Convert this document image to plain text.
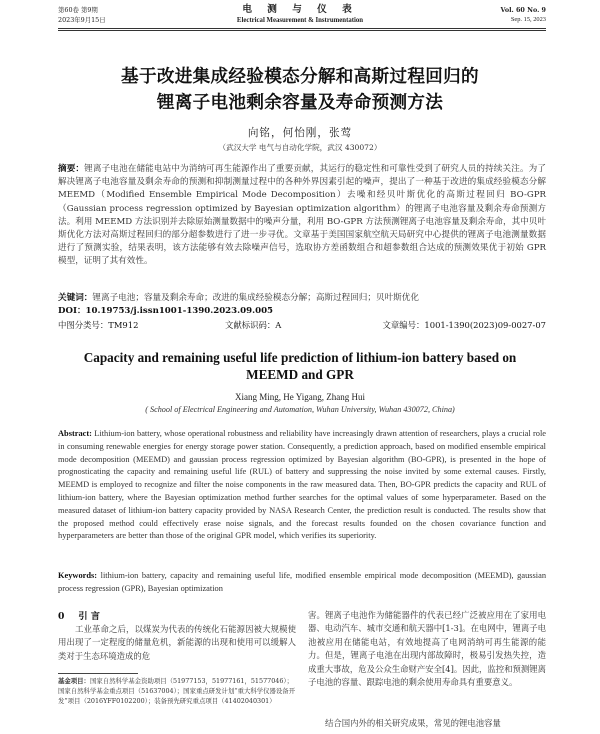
第60卷 第9期	电 测 与 仪 表	Vol. 60 No. 9
2023年9月15日	Electrical Measurement & Instrumentation	Sep. 15, 2023
基于改进集成经验模态分解和高斯过程回归的
锂离子电池剩余容量及寿命预测方法
向铭，何怡刚，张莺
（武汉大学 电气与自动化学院，武汉 430072）
摘要：锂离子电池在储能电站中为消纳可再生能源作出了重要贡献，其运行的稳定性和可靠性受到了研究人员的持续关注。为了解决锂离子电池容量及剩余寿命的预测和抑制测量过程中的各种外界因素引起的噪声，提出了一种基于改进的集成经验模态分解 MEEMD（Modified Ensemble Empirical Mode Decomposition）去噪和经贝叶斯优化的高斯过程回归 BO-GPR（Gaussian process regression optimized by Bayesian optimization algorithm）的锂离子电池容量及剩余寿命预测方法。利用 MEEMD 方法识别并去除原始测量数据中的噪声分量，利用 BO-GPR 方法预测锂离子电池容量及剩余寿命，其中贝叶斯优化方法对高斯过程回归的部分超参数进行了进一步寻优。文章基于美国国家航空航天局研究中心提供的锂离子电池测量数据进行了预测实验，结果表明，该方法能够有效去除噪声信号，选取协方差函数组合和超参数组合达成的预测效果优于初始 GPR 模型，证明了其有效性。
关键词：锂离子电池；容量及剩余寿命；改进的集成经验模态分解；高斯过程回归；贝叶斯优化
DOI：10.19753/j.issn1001-1390.2023.09.005
中图分类号：TM912	文献标识码：A	文章编号：1001-1390(2023)09-0027-07
Capacity and remaining useful life prediction of lithium-ion battery based on
MEEMD and GPR
Xiang Ming, He Yigang, Zhang Hui
( School of Electrical Engineering and Automation, Wuhan University, Wuhan 430072, China)
Abstract: Lithium-ion battery, whose operational robustness and reliability have increasingly drawn attention of researchers, plays a crucial role in consuming renewable energies for energy storage power station. Consequently, a prediction approach, based on modified ensemble empirical mode decomposition (MEEMD) and gaussian process regression optimized by Bayesian algorithm (BO-GPR), is presented in the hope of prognosticating the capacity and remaining useful life (RUL) of battery and suppressing the noise invited by some external causes. Firstly, MEEMD is employed to recognize and filter the noise components in the raw measured data. Then, BO-GPR predicts the capacity and RUL of lithium-ion battery, where the Bayesian optimization method further searches for the optimal values of some hyperparameter. Based on the measured dataset of lithium-ion battery capacity provided by NASA Research Center, the prediction result is conducted. The results show that the proposed method could effectively erase noise signals, and the forecast results founded on the chosen covariance function and hyperparameters are better than those of the original GPR model, which verifies its superiority.
Keywords: lithium-ion battery, capacity and remaining useful life, modified ensemble empirical mode decomposition (MEEMD), gaussian process regression (GPR), Bayesian optimization
0 引 言
工业革命之后，以煤炭为代表的传统化石能源因被大规模使用出现了一定程度的储量危机，新能源的出现和使用可以缓解人类对于生态环境造成的危
基金项目：国家自然科学基金资助项目（51977153，51977161，51577046）；国家自然科学基金重点项目（51637004）；国家重点研发计划“重大科学仪器设备开发”项目（2016YFF0102200）；装备预先研究重点项目（41402040301）
害。锂离子电池作为储能器件的代表已经广泛被应用在了家用电器、电动汽车、城市交通和航天器中[1-3]。在电网中，锂离子电池被应用在储能电站，有效地提高了电网消纳可再生能源的能力。但是，锂离子电池在出现内部故障时，极易引发热失控，造成重大事故，危及公众生命财产安全[4]。因此，监控和预测锂离子电池的容量、跟踪电池的剩余使用寿命具有重要意义。
结合国内外的相关研究成果，常见的锂电池容量
